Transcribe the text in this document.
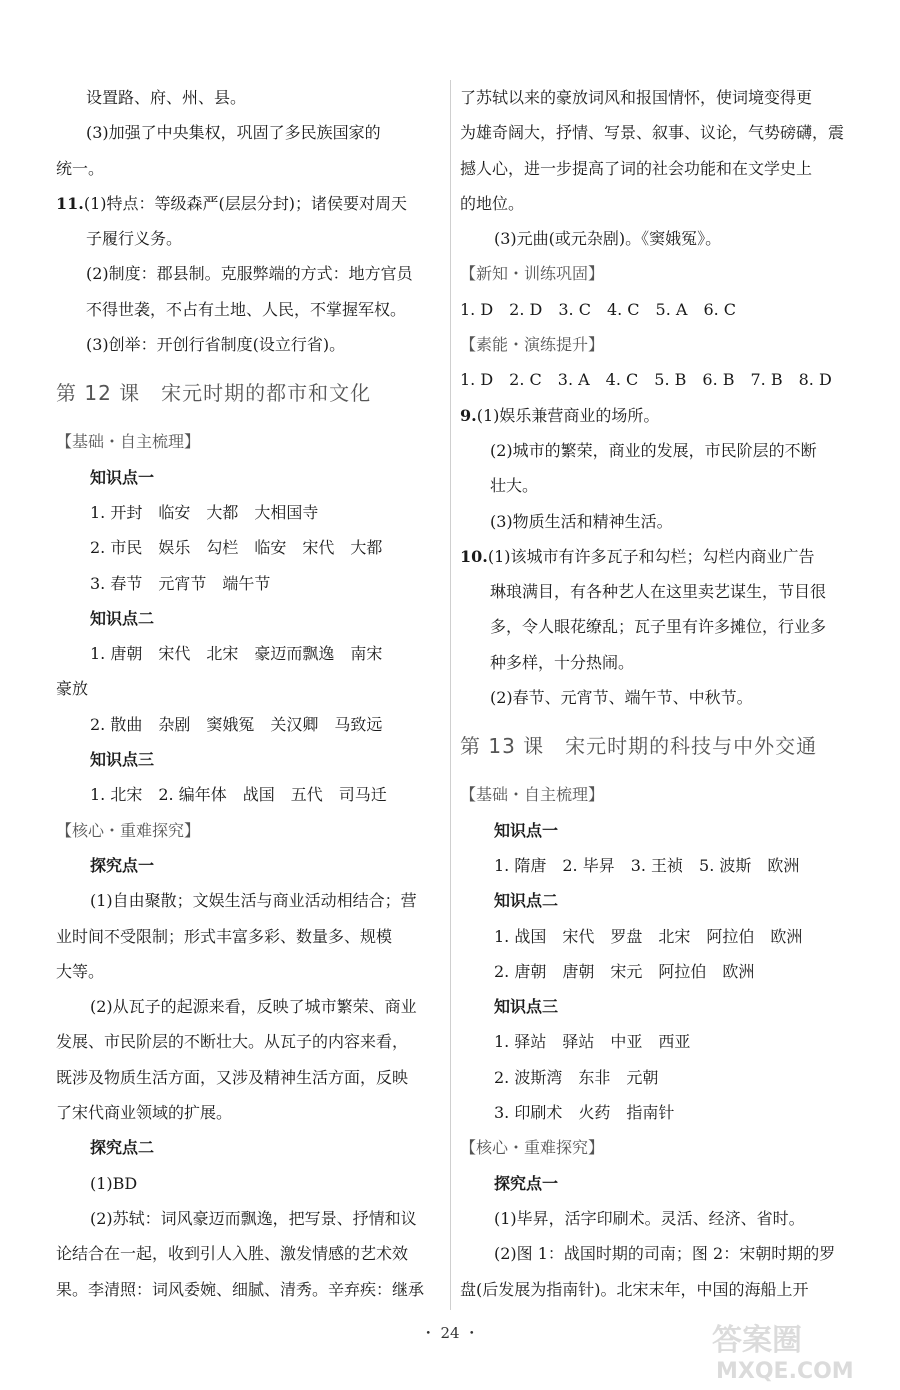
设置路、府、州、县。
(3)加强了中央集权，巩固了多民族国家的
统一。
11.(1)特点：等级森严(层层分封)；诸侯要对周天
子履行义务。
(2)制度：郡县制。克服弊端的方式：地方官员
不得世袭，不占有土地、人民，不掌握军权。
(3)创举：开创行省制度(设立行省)。
第 12 课　宋元时期的都市和文化
【基础・自主梳理】
知识点一
1. 开封　临安　大都　大相国寺
2. 市民　娱乐　勾栏　临安　宋代　大都
3. 春节　元宵节　端午节
知识点二
1. 唐朝　宋代　北宋　豪迈而飘逸　南宋
豪放
2. 散曲　杂剧　窦娥冤　关汉卿　马致远
知识点三
1. 北宋　2. 编年体　战国　五代　司马迁
【核心・重难探究】
探究点一
(1)自由聚散；文娱生活与商业活动相结合；营
业时间不受限制；形式丰富多彩、数量多、规模
大等。
(2)从瓦子的起源来看，反映了城市繁荣、商业
发展、市民阶层的不断壮大。从瓦子的内容来看，
既涉及物质生活方面，又涉及精神生活方面，反映
了宋代商业领域的扩展。
探究点二
(1)BD
(2)苏轼：词风豪迈而飘逸，把写景、抒情和议
论结合在一起，收到引人入胜、激发情感的艺术效
果。李清照：词风委婉、细腻、清秀。辛弃疾：继承
了苏轼以来的豪放词风和报国情怀，使词境变得更
为雄奇阔大，抒情、写景、叙事、议论，气势磅礴，震
撼人心，进一步提高了词的社会功能和在文学史上
的地位。
(3)元曲(或元杂剧)。《窦娥冤》。
【新知・训练巩固】
1. D　2. D　3. C　4. C　5. A　6. C
【素能・演练提升】
1. D　2. C　3. A　4. C　5. B　6. B　7. B　8. D
9.(1)娱乐兼营商业的场所。
(2)城市的繁荣，商业的发展，市民阶层的不断
壮大。
(3)物质生活和精神生活。
10.(1)该城市有许多瓦子和勾栏；勾栏内商业广告
琳琅满目，有各种艺人在这里卖艺谋生，节目很
多，令人眼花缭乱；瓦子里有许多摊位，行业多
种多样，十分热闹。
(2)春节、元宵节、端午节、中秋节。
第 13 课　宋元时期的科技与中外交通
【基础・自主梳理】
知识点一
1. 隋唐　2. 毕昇　3. 王祯　5. 波斯　欧洲
知识点二
1. 战国　宋代　罗盘　北宋　阿拉伯　欧洲
2. 唐朝　唐朝　宋元　阿拉伯　欧洲
知识点三
1. 驿站　驿站　中亚　西亚
2. 波斯湾　东非　元朝
3. 印刷术　火药　指南针
【核心・重难探究】
探究点一
(1)毕昇，活字印刷术。灵活、经济、省时。
(2)图 1：战国时期的司南；图 2：宋朝时期的罗
盘(后发展为指南针)。北宋末年，中国的海船上开
・ 24 ・	答案圈
MXQE.COM
